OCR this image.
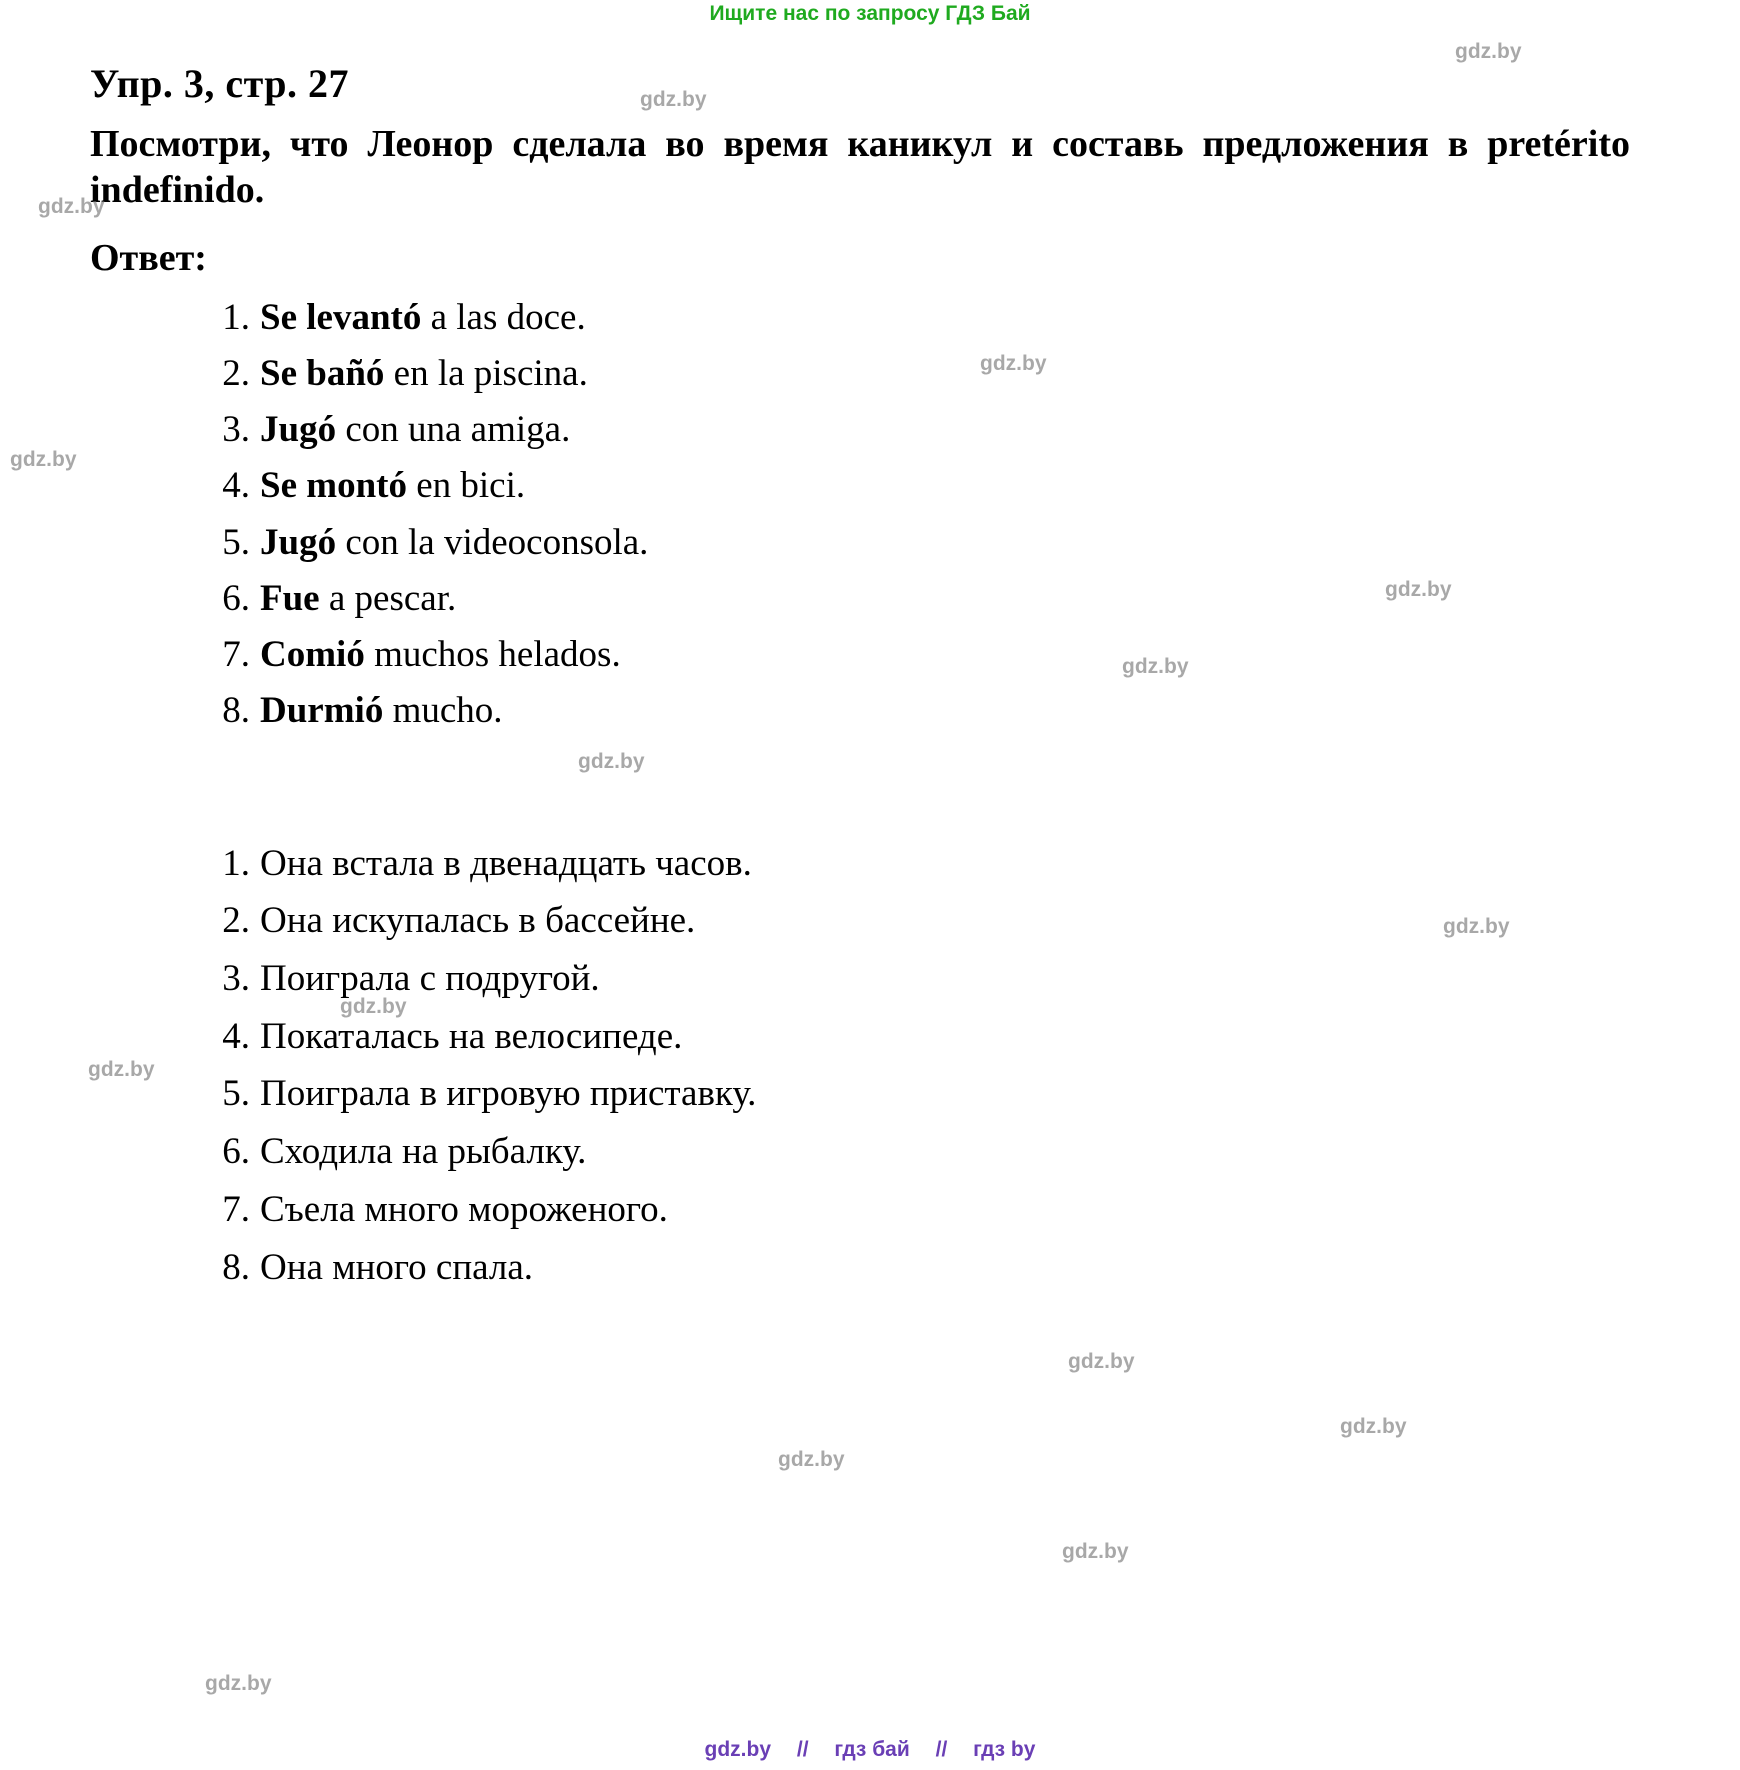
Ищите нас по запросу ГДЗ Бай
Упр. 3, стр. 27
Посмотри, что Леонор сделала во время каникул и составь предложения в pretérito indefinido.
Ответ:
Se levantó a las doce.
Se bañó en la piscina.
Jugó con una amiga.
Se montó en bici.
Jugó con la videoconsola.
Fue a pescar.
Comió muchos helados.
Durmió mucho.
Она встала в двенадцать часов.
Она искупалась в бассейне.
Поиграла с подругой.
Покаталась на велосипеде.
Поиграла в игровую приставку.
Сходила на рыбалку.
Съела много мороженого.
Она много спала.
gdz.by
gdz.by
gdz.by
gdz.by
gdz.by
gdz.by
gdz.by
gdz.by
gdz.by
gdz.by
gdz.by
gdz.by
gdz.by
gdz.by
gdz.by
gdz.by
gdz.by // гдз бай // гдз by
